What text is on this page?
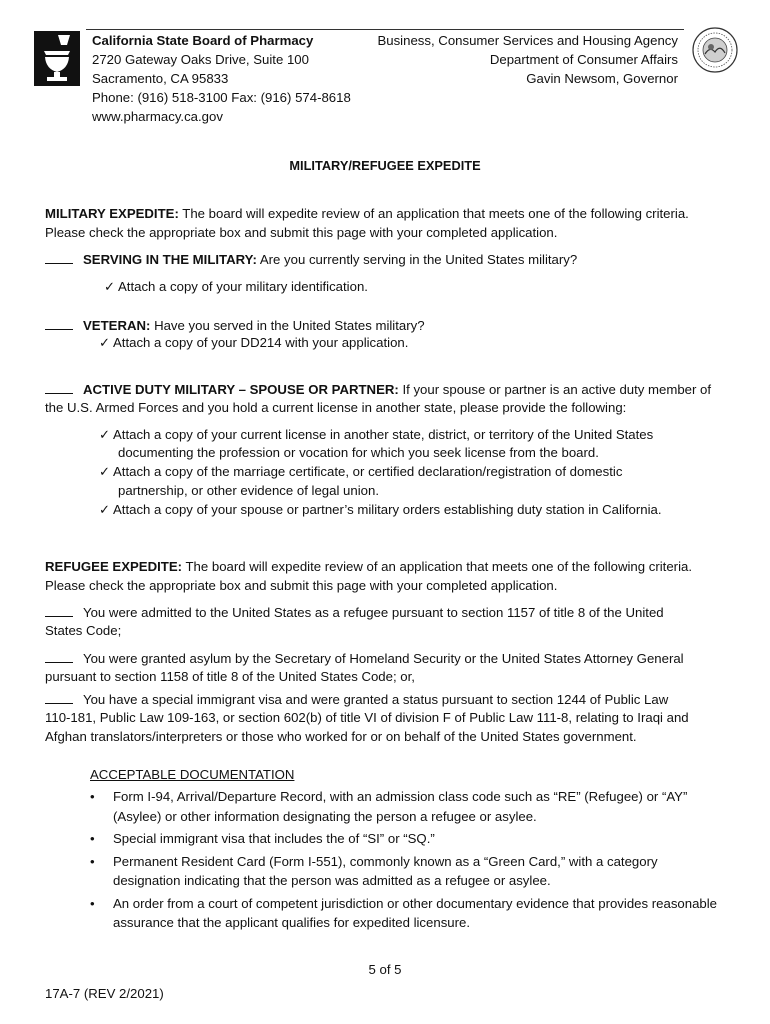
California State Board of Pharmacy
2720 Gateway Oaks Drive, Suite 100
Sacramento, CA 95833
Phone: (916) 518-3100 Fax: (916) 574-8618
www.pharmacy.ca.gov
Business, Consumer Services and Housing Agency
Department of Consumer Affairs
Gavin Newsom, Governor
MILITARY/REFUGEE EXPEDITE
MILITARY EXPEDITE: The board will expedite review of an application that meets one of the following criteria.
Please check the appropriate box and submit this page with your completed application.
SERVING IN THE MILITARY: Are you currently serving in the United States military?
✓ Attach a copy of your military identification.
VETERAN: Have you served in the United States military?
✓ Attach a copy of your DD214 with your application.
ACTIVE DUTY MILITARY – SPOUSE OR PARTNER: If your spouse or partner is an active duty member of
the U.S. Armed Forces and you hold a current license in another state, please provide the following:
✓ Attach a copy of your current license in another state, district, or territory of the United States
documenting the profession or vocation for which you seek license from the board.
✓ Attach a copy of the marriage certificate, or certified declaration/registration of domestic
partnership, or other evidence of legal union.
✓ Attach a copy of your spouse or partner’s military orders establishing duty station in California.
REFUGEE EXPEDITE: The board will expedite review of an application that meets one of the following criteria.
Please check the appropriate box and submit this page with your completed application.
You were admitted to the United States as a refugee pursuant to section 1157 of title 8 of the United
States Code;
You were granted asylum by the Secretary of Homeland Security or the United States Attorney General
pursuant to section 1158 of title 8 of the United States Code; or,
You have a special immigrant visa and were granted a status pursuant to section 1244 of Public Law
110-181, Public Law 109-163, or section 602(b) of title VI of division F of Public Law 111-8, relating to Iraqi and
Afghan translators/interpreters or those who worked for or on behalf of the United States government.
ACCEPTABLE DOCUMENTATION
• Form I-94, Arrival/Departure Record, with an admission class code such as “RE” (Refugee) or “AY” (Asylee) or other information designating the person a refugee or asylee.
• Special immigrant visa that includes the of “SI” or “SQ.”
• Permanent Resident Card (Form I-551), commonly known as a “Green Card,” with a category designation indicating that the person was admitted as a refugee or asylee.
• An order from a court of competent jurisdiction or other documentary evidence that provides reasonable assurance that the applicant qualifies for expedited licensure.
5 of 5
17A-7 (REV 2/2021)
